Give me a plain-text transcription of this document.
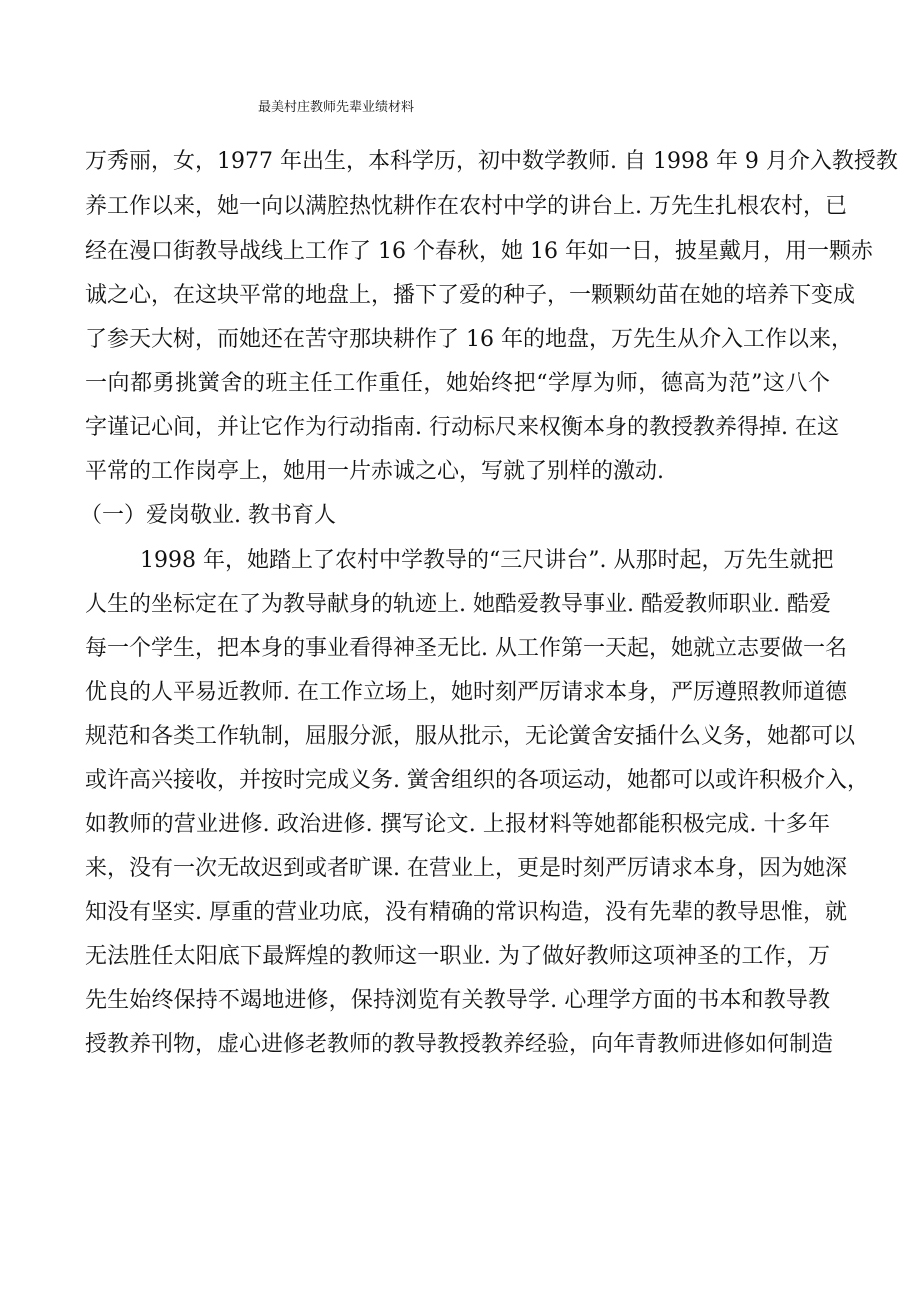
最美村庄教师先辈业绩材料
万秀丽，女，1977 年出生，本科学历，初中数学教师. 自 1998 年 9 月介入教授教
养工作以来，她一向以满腔热忱耕作在农村中学的讲台上. 万先生扎根农村，已
经在漫口街教导战线上工作了 16 个春秋，她 16 年如一日，披星戴月，用一颗赤
诚之心，在这块平常的地盘上，播下了爱的种子，一颗颗幼苗在她的培养下变成
了参天大树，而她还在苦守那块耕作了 16 年的地盘，万先生从介入工作以来，
一向都勇挑黉舍的班主任工作重任，她始终把“学厚为师，德高为范”这八个
字谨记心间，并让它作为行动指南. 行动标尺来权衡本身的教授教养得掉. 在这
平常的工作岗亭上，她用一片赤诚之心，写就了别样的激动.
（一）爱岗敬业. 教书育人
1998 年，她踏上了农村中学教导的“三尺讲台”. 从那时起，万先生就把
人生的坐标定在了为教导献身的轨迹上. 她酷爱教导事业. 酷爱教师职业. 酷爱
每一个学生，把本身的事业看得神圣无比. 从工作第一天起，她就立志要做一名
优良的人平易近教师. 在工作立场上，她时刻严厉请求本身，严厉遵照教师道德
规范和各类工作轨制，屈服分派，服从批示，无论黉舍安插什么义务，她都可以
或许高兴接收，并按时完成义务. 黉舍组织的各项运动，她都可以或许积极介入，
如教师的营业进修. 政治进修. 撰写论文. 上报材料等她都能积极完成. 十多年
来，没有一次无故迟到或者旷课. 在营业上，更是时刻严厉请求本身，因为她深
知没有坚实. 厚重的营业功底，没有精确的常识构造，没有先辈的教导思惟，就
无法胜任太阳底下最辉煌的教师这一职业. 为了做好教师这项神圣的工作，万
先生始终保持不竭地进修，保持浏览有关教导学. 心理学方面的书本和教导教
授教养刊物，虚心进修老教师的教导教授教养经验，向年青教师进修如何制造
